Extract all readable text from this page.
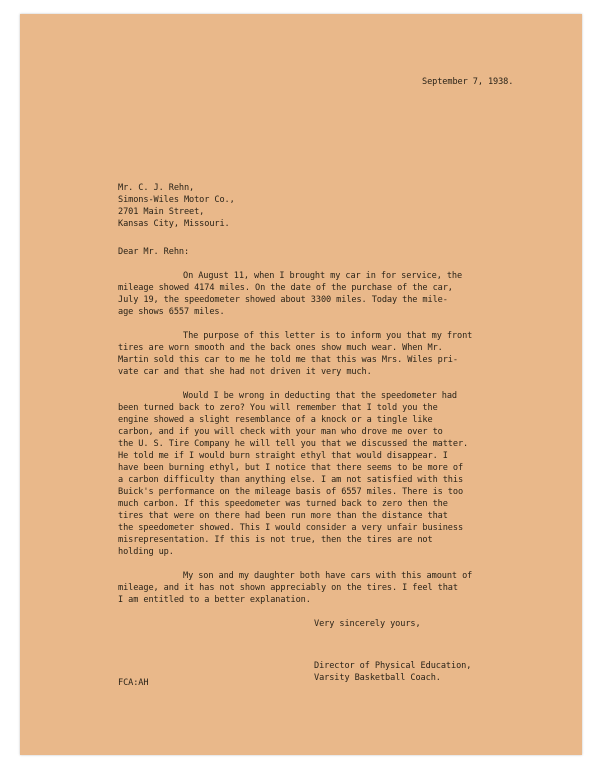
September 7, 1938.
Mr. C. J. Rehn,
Simons-Wiles Motor Co.,
2701 Main Street,
Kansas City, Missouri.
Dear Mr. Rehn:
On August 11, when I brought my car in for service, the
mileage showed 4174 miles. On the date of the purchase of the car,
July 19, the speedometer showed about 3300 miles. Today the mile-
age shows 6557 miles.
The purpose of this letter is to inform you that my front
tires are worn smooth and the back ones show much wear. When Mr.
Martin sold this car to me he told me that this was Mrs. Wiles pri-
vate car and that she had not driven it very much.
Would I be wrong in deducting that the speedometer had
been turned back to zero? You will remember that I told you the
engine showed a slight resemblance of a knock or a tingle like
carbon, and if you will check with your man who drove me over to
the U. S. Tire Company he will tell you that we discussed the matter.
He told me if I would burn straight ethyl that would disappear. I
have been burning ethyl, but I notice that there seems to be more of
a carbon difficulty than anything else. I am not satisfied with this
Buick's performance on the mileage basis of 6557 miles. There is too
much carbon. If this speedometer was turned back to zero then the
tires that were on there had been run more than the distance that
the speedometer showed. This I would consider a very unfair business
misrepresentation. If this is not true, then the tires are not
holding up.
My son and my daughter both have cars with this amount of
mileage, and it has not shown appreciably on the tires. I feel that
I am entitled to a better explanation.
Very sincerely yours,
Director of Physical Education,
Varsity Basketball Coach.
FCA:AH
